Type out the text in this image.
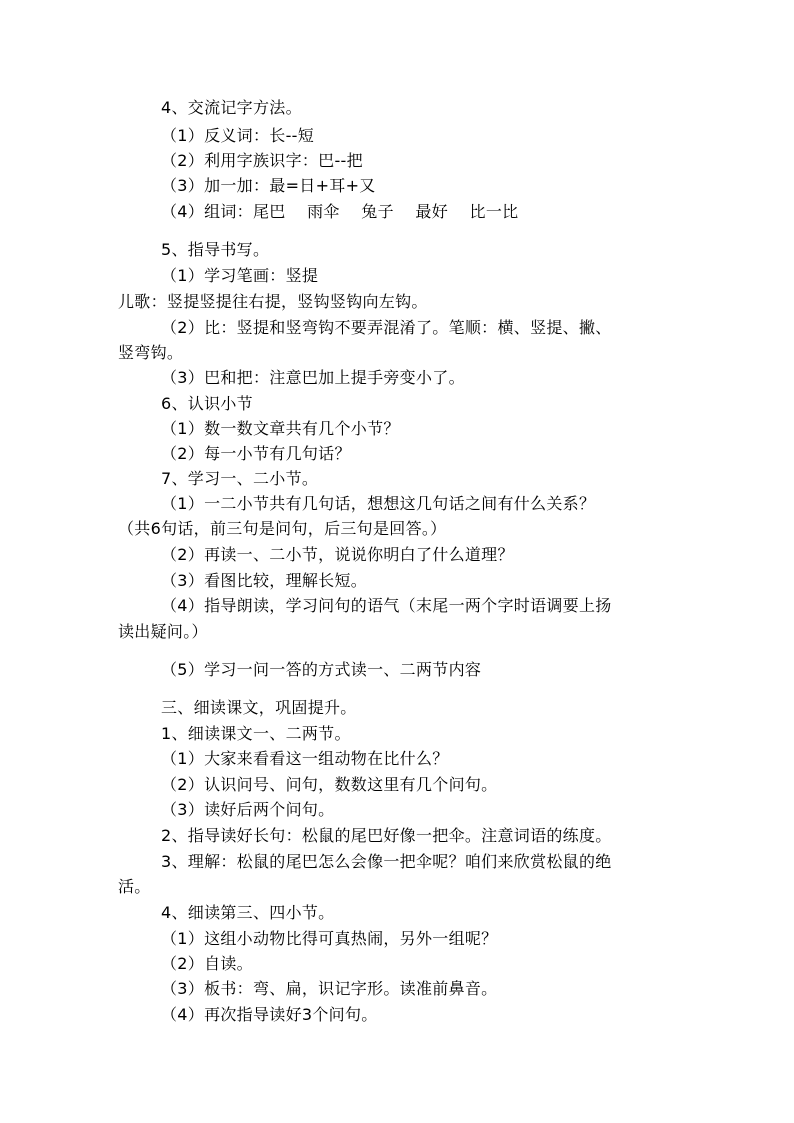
4、交流记字方法。
（1）反义词：长--短
（2）利用字族识字：巴--把
（3）加一加：最=日+耳+又
（4）组词：尾巴    雨伞    兔子    最好    比一比
5、指导书写。
（1）学习笔画：竖提
儿歌：竖提竖提往右提，竖钩竖钩向左钩。
（2）比：竖提和竖弯钩不要弄混淆了。笔顺：横、竖提、撇、
竖弯钩。
（3）巴和把：注意巴加上提手旁变小了。
6、认识小节
（1）数一数文章共有几个小节？
（2）每一小节有几句话？
7、学习一、二小节。
（1）一二小节共有几句话，想想这几句话之间有什么关系？
（共6句话，前三句是问句，后三句是回答。）
（2）再读一、二小节，说说你明白了什么道理？
（3）看图比较，理解长短。
（4）指导朗读，学习问句的语气（末尾一两个字时语调要上扬
读出疑问。）
（5）学习一问一答的方式读一、二两节内容
三、细读课文，巩固提升。
1、细读课文一、二两节。
（1）大家来看看这一组动物在比什么？
（2）认识问号、问句，数数这里有几个问句。
（3）读好后两个问句。
2、指导读好长句：松鼠的尾巴好像一把伞。注意词语的练度。
3、理解：松鼠的尾巴怎么会像一把伞呢？咱们来欣赏松鼠的绝
活。
4、细读第三、四小节。
（1）这组小动物比得可真热闹，另外一组呢？
（2）自读。
（3）板书：弯、扁，识记字形。读准前鼻音。
（4）再次指导读好3个问句。
